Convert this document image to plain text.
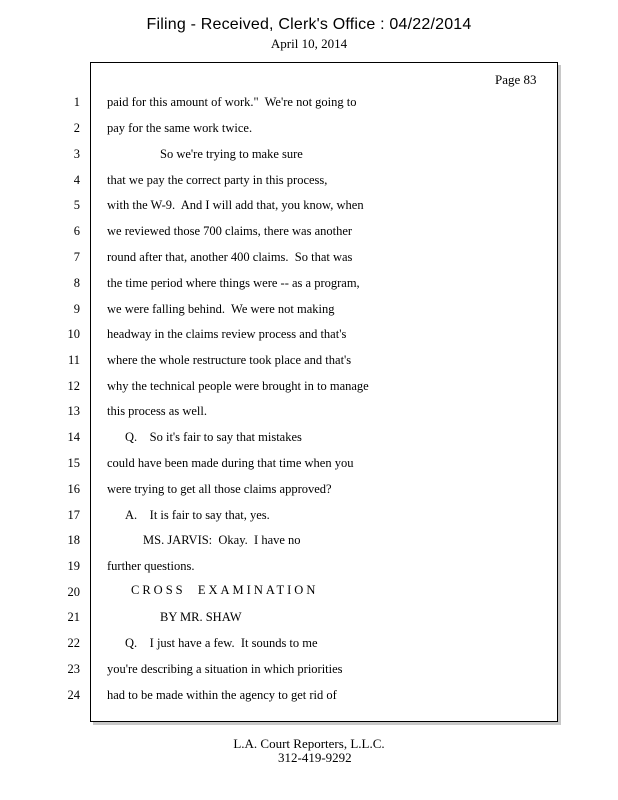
Filing - Received, Clerk's Office : 04/22/2014
April 10, 2014
Page 83
1 paid for this amount of work."  We're not going to
2 pay for the same work twice.
3	So we're trying to make sure
4 that we pay the correct party in this process,
5 with the W-9.  And I will add that, you know, when
6 we reviewed those 700 claims, there was another
7 round after that, another 400 claims.  So that was
8 the time period where things were -- as a program,
9 we were falling behind.  We were not making
10 headway in the claims review process and that's
11 where the whole restructure took place and that's
12 why the technical people were brought in to manage
13 this process as well.
14	Q.    So it's fair to say that mistakes
15 could have been made during that time when you
16 were trying to get all those claims approved?
17	A.    It is fair to say that, yes.
18	MS. JARVIS:  Okay.  I have no
19 further questions.
20	CROSS  EXAMINATION
21	BY MR. SHAW
22	Q.    I just have a few.  It sounds to me
23 you're describing a situation in which priorities
24 had to be made within the agency to get rid of
L.A. Court Reporters, L.L.C.
312-419-9292
